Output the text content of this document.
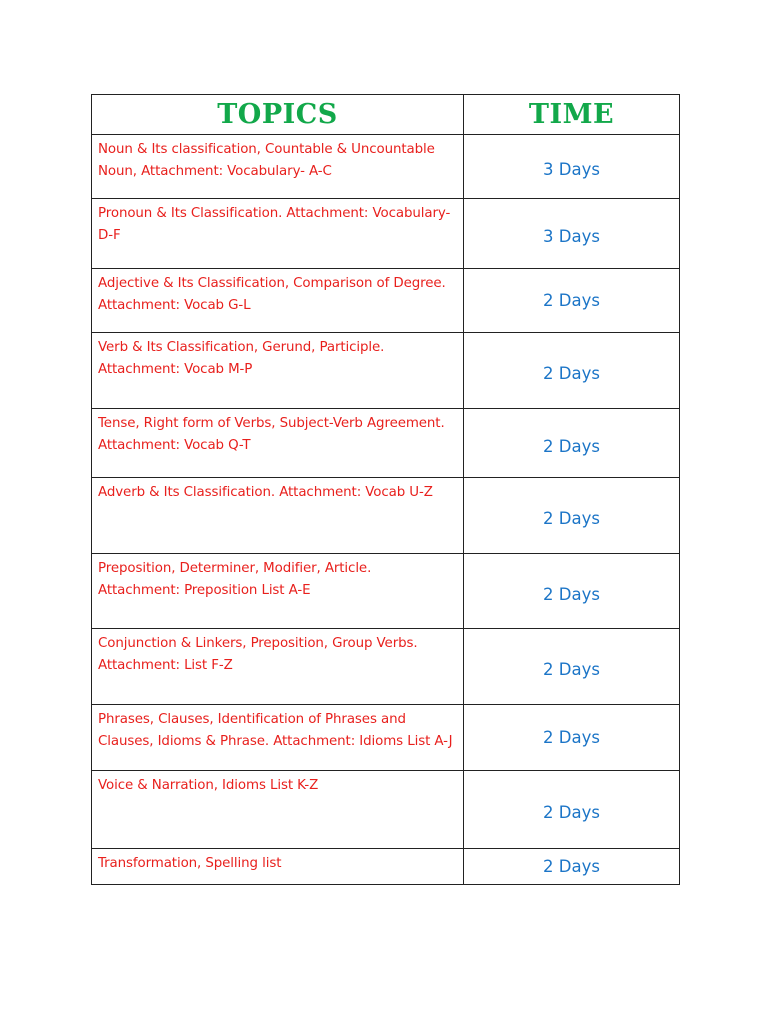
TOPICS	TIME
Noun & Its classification, Countable & Uncountable Noun, Attachment: Vocabulary- A-C	3 Days
Pronoun & Its Classification. Attachment: Vocabulary- D-F	3 Days
Adjective & Its Classification, Comparison of Degree. Attachment: Vocab G-L	2 Days
Verb & Its Classification, Gerund, Participle. Attachment: Vocab M-P	2 Days
Tense, Right form of Verbs, Subject-Verb Agreement. Attachment: Vocab Q-T	2 Days
Adverb & Its Classification. Attachment: Vocab U-Z	2 Days
Preposition, Determiner, Modifier, Article. Attachment: Preposition List A-E	2 Days
Conjunction & Linkers, Preposition, Group Verbs. Attachment: List F-Z	2 Days
Phrases, Clauses, Identification of Phrases and Clauses, Idioms & Phrase. Attachment: Idioms List A-J	2 Days
Voice & Narration, Idioms List K-Z	2 Days
Transformation, Spelling list	2 Days
